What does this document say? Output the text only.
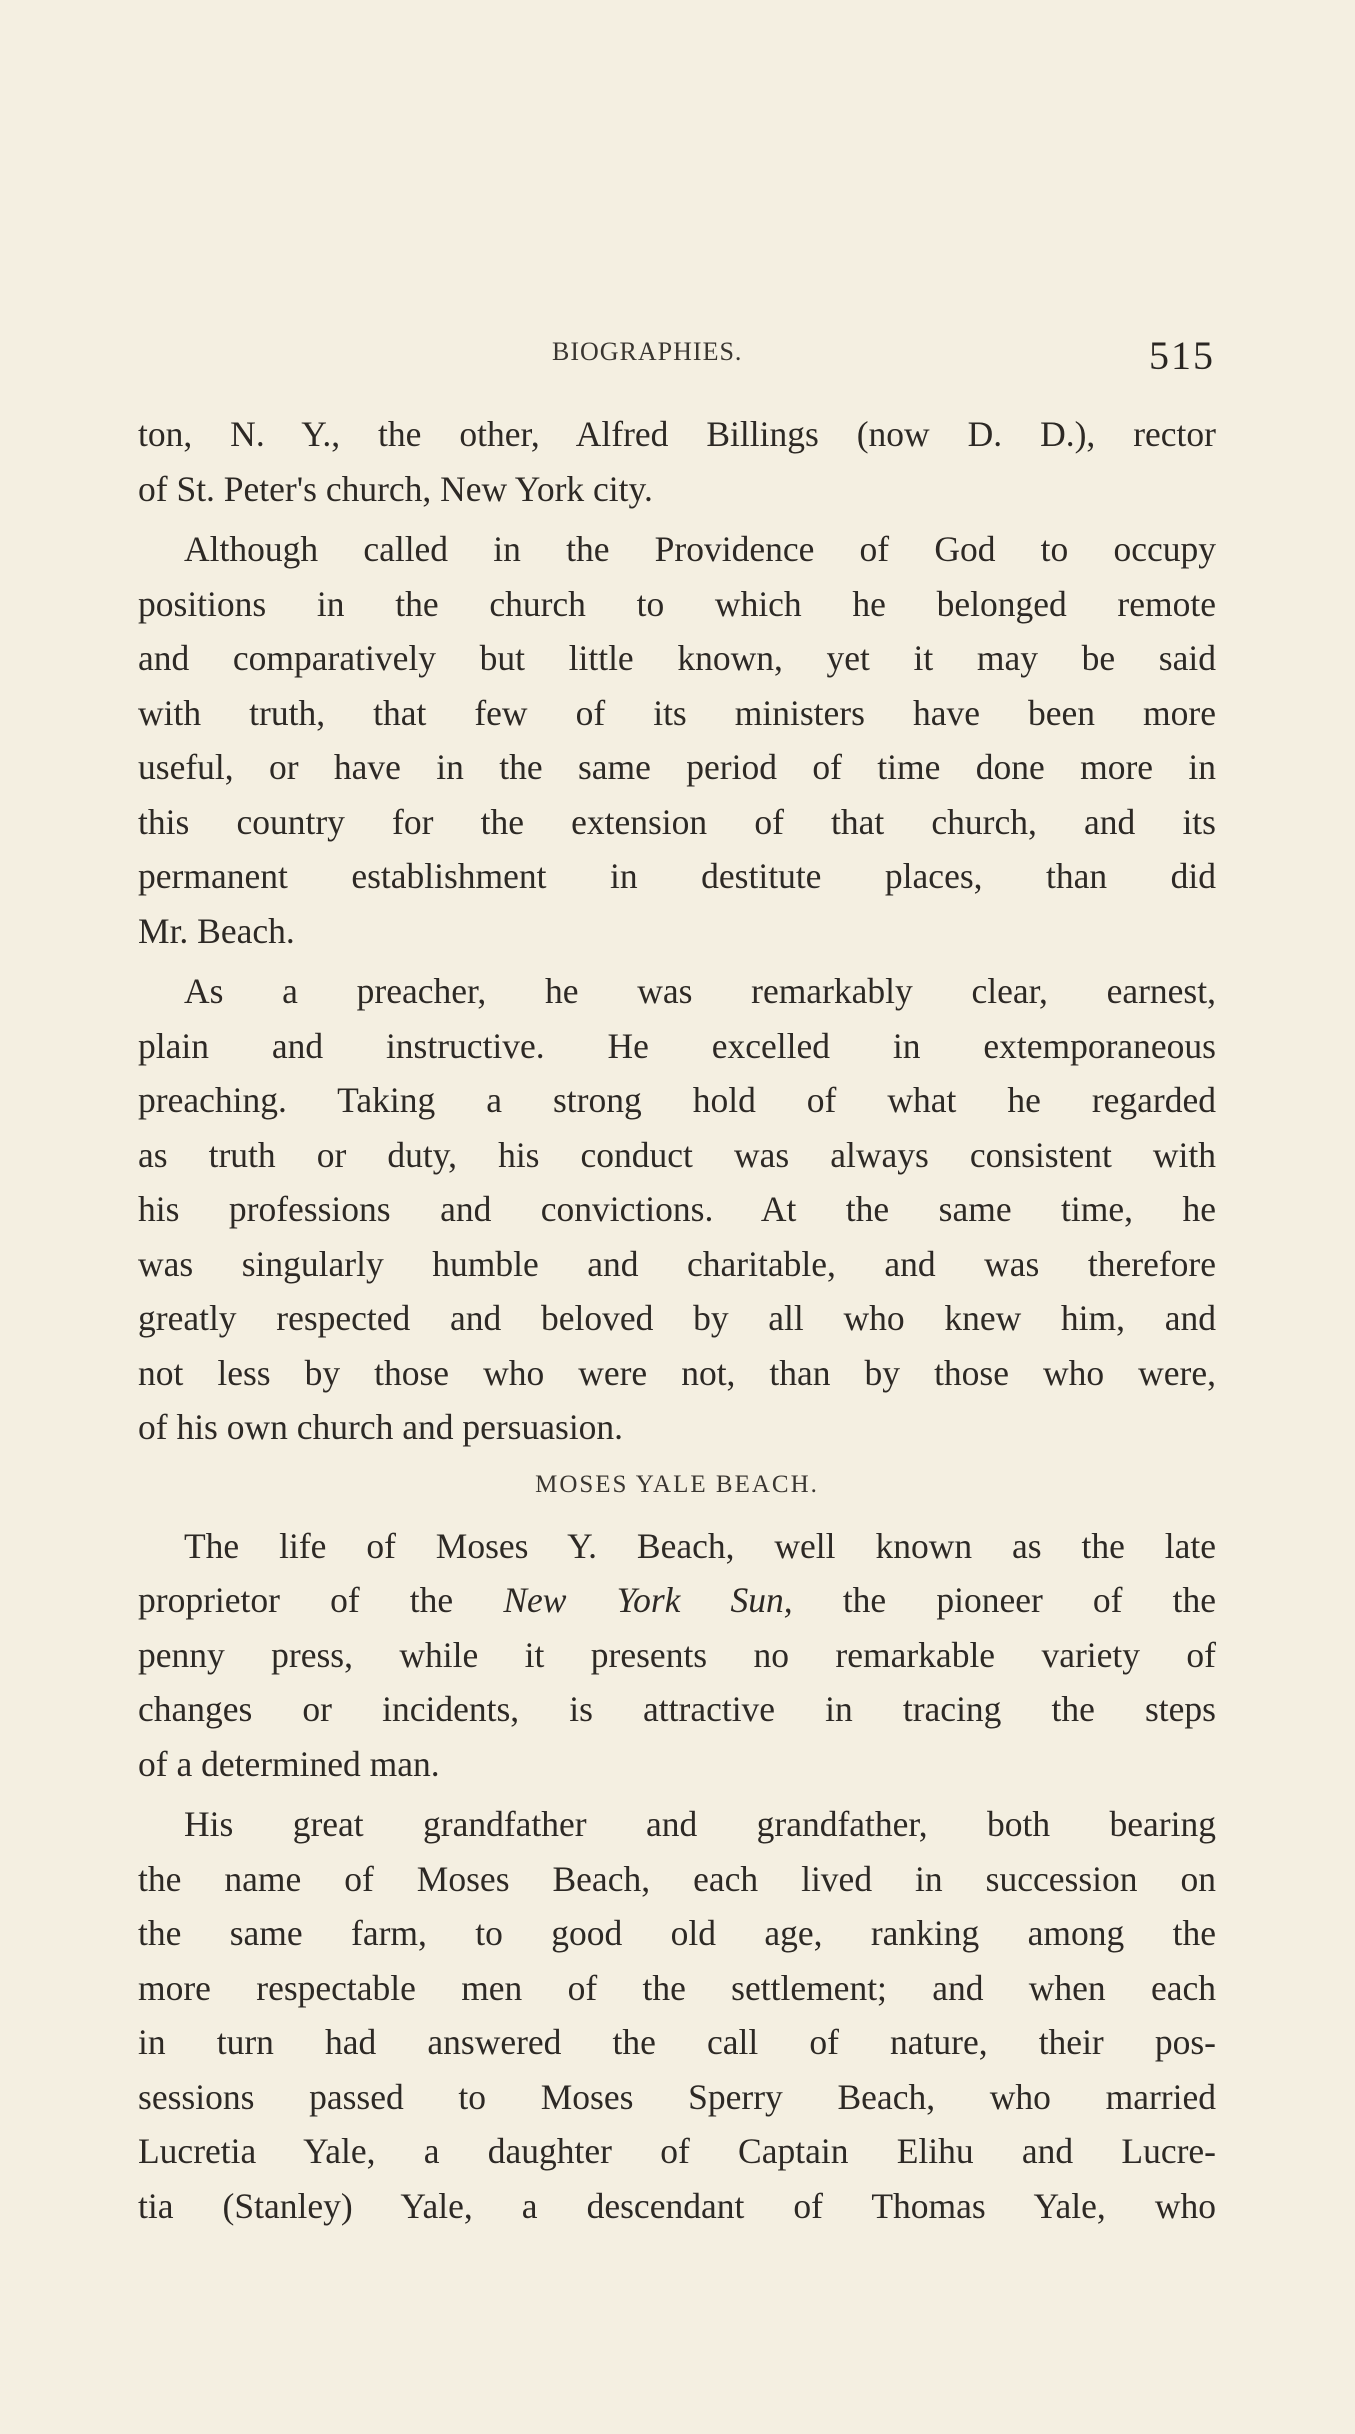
BIOGRAPHIES.	515
ton, N. Y., the other, Alfred Billings (now D. D.), rector
of St. Peter's church, New York city.
Although called in the Providence of God to occupy
positions in the church to which he belonged remote
and comparatively but little known, yet it may be said
with truth, that few of its ministers have been more
useful, or have in the same period of time done more in
this country for the extension of that church, and its
permanent establishment in destitute places, than did
Mr. Beach.
As a preacher, he was remarkably clear, earnest,
plain and instructive. He excelled in extemporaneous
preaching. Taking a strong hold of what he regarded
as truth or duty, his conduct was always consistent with
his professions and convictions. At the same time, he
was singularly humble and charitable, and was therefore
greatly respected and beloved by all who knew him, and
not less by those who were not, than by those who were,
of his own church and persuasion.
MOSES YALE BEACH.
The life of Moses Y. Beach, well known as the late
proprietor of the New York Sun, the pioneer of the
penny press, while it presents no remarkable variety of
changes or incidents, is attractive in tracing the steps
of a determined man.
His great grandfather and grandfather, both bearing
the name of Moses Beach, each lived in succession on
the same farm, to good old age, ranking among the
more respectable men of the settlement; and when each
in turn had answered the call of nature, their pos-
sessions passed to Moses Sperry Beach, who married
Lucretia Yale, a daughter of Captain Elihu and Lucre-
tia (Stanley) Yale, a descendant of Thomas Yale, who
